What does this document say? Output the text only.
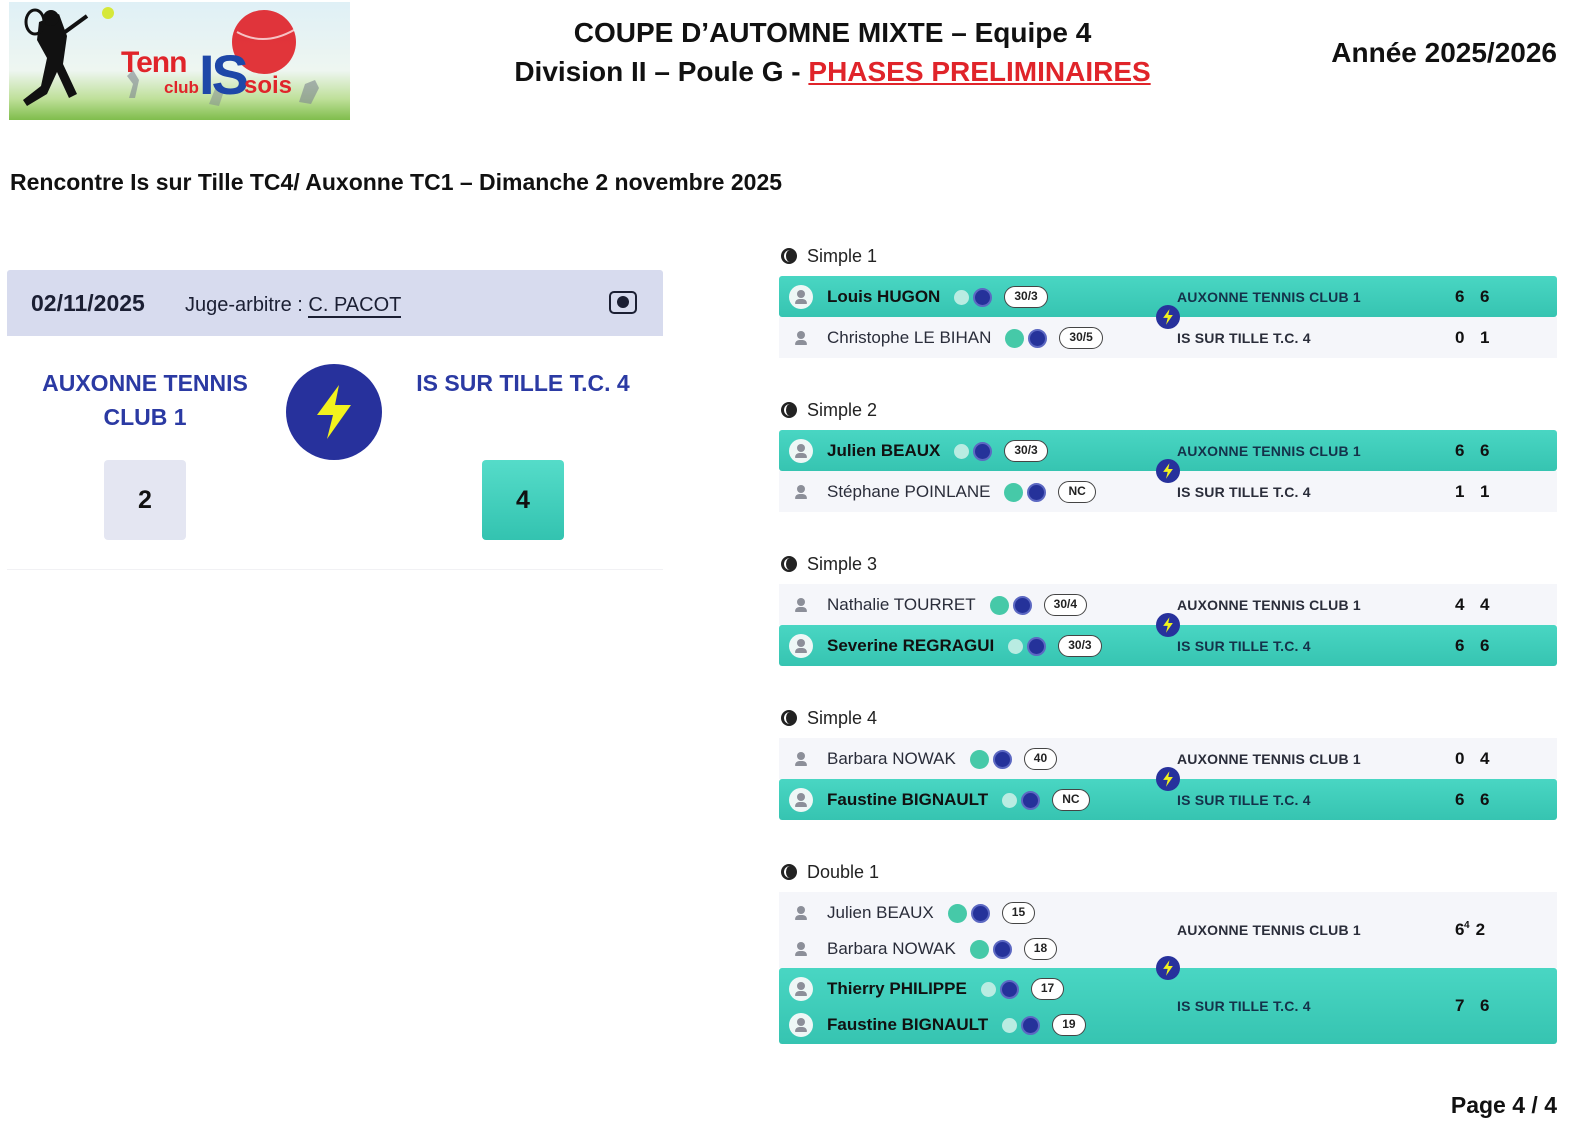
Tenn
club IS
sois
COUPE D’AUTOMNE MIXTE – Equipe 4
Division II – Poule G - PHASES PRELIMINAIRES
Année 2025/2026
Rencontre Is sur Tille TC4/ Auxonne TC1 – Dimanche 2 novembre 2025
02/11/2025 Juge-arbitre : C. PACOT
AUXONNE TENNIS CLUB 1
IS SUR TILLE T.C. 4
2	4
Simple 1
Louis HUGON	30/3	AUXONNE TENNIS CLUB 1	6 6
Christophe LE BIHAN	30/5	IS SUR TILLE T.C. 4	0 1
Simple 2
Julien BEAUX	30/3	AUXONNE TENNIS CLUB 1	6 6
Stéphane POINLANE	NC	IS SUR TILLE T.C. 4	1 1
Simple 3
Nathalie TOURRET	30/4	AUXONNE TENNIS CLUB 1	4 4
Severine REGRAGUI	30/3	IS SUR TILLE T.C. 4	6 6
Simple 4
Barbara NOWAK	40	AUXONNE TENNIS CLUB 1	0 4
Faustine BIGNAULT	NC	IS SUR TILLE T.C. 4	6 6
Double 1
Julien BEAUX	15
Barbara NOWAK	18
AUXONNE TENNIS CLUB 1	$6^4$ 2
Thierry PHILIPPE	17
Faustine BIGNAULT	19
IS SUR TILLE T.C. 4	7 6
Page 4 / 4
